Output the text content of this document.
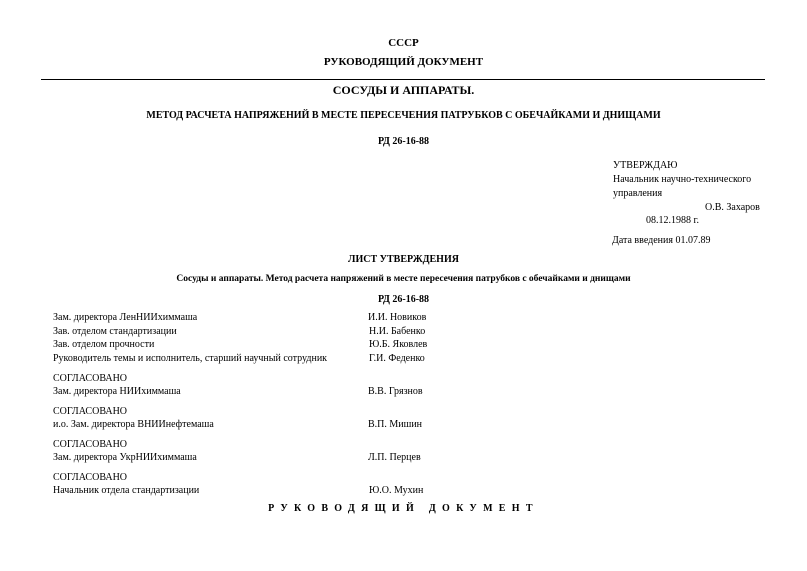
СССР
РУКОВОДЯЩИЙ ДОКУМЕНТ
СОСУДЫ И АППАРАТЫ.
МЕТОД РАСЧЕТА НАПРЯЖЕНИЙ В МЕСТЕ ПЕРЕСЕЧЕНИЯ ПАТРУБКОВ С ОБЕЧАЙКАМИ И ДНИЩАМИ
РД 26-16-88
УТВЕРЖДАЮ
Начальник научно-технического
управления
О.В. Захаров
08.12.1988 г.
Дата введения 01.07.89
ЛИСТ УТВЕРЖДЕНИЯ
Сосуды и аппараты. Метод расчета напряжений в месте пересечения патрубков с обечайками и днищами
РД 26-16-88
Зам. директора ЛенНИИхиммаша	И.И. Новиков
Зав. отделом стандартизации	Н.И. Бабенко
Зав. отделом прочности	Ю.Б. Яковлев
Руководитель темы и исполнитель, старший научный сотрудник	Г.И. Феденко
СОГЛАСОВАНО
Зам. директора НИИхиммаша	В.В. Грязнов
СОГЛАСОВАНО
и.о. Зам. директора ВНИИнефтемаша	В.П. Мишин
СОГЛАСОВАНО
Зам. директора УкрНИИхиммаша	Л.П. Перцев
СОГЛАСОВАНО
Начальник отдела стандартизации	Ю.О. Мухин
РУКОВОДЯЩИЙ ДОКУМЕНТ
